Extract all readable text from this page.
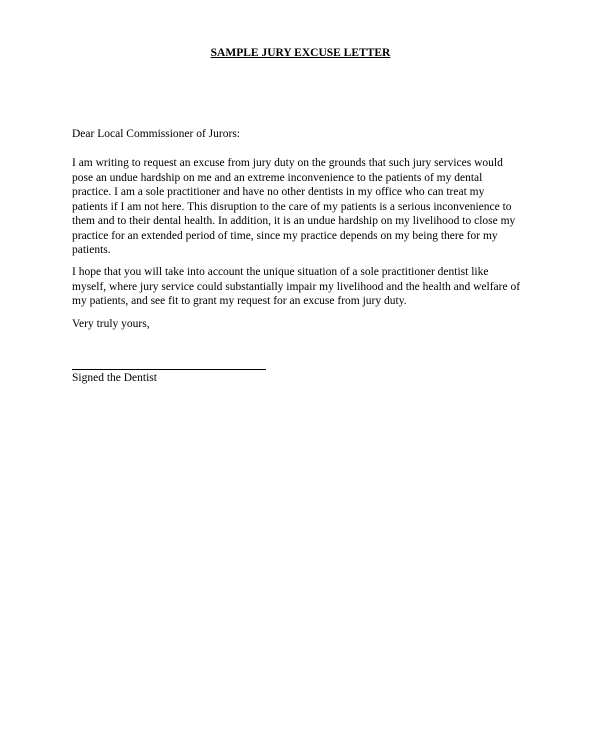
SAMPLE JURY EXCUSE LETTER

Dear Local Commissioner of Jurors:

I am writing to request an excuse from jury duty on the grounds that such jury services would
pose an undue hardship on me and an extreme inconvenience to the patients of my dental
practice. I am a sole practitioner and have no other dentists in my office who can treat my
patients if I am not here. This disruption to the care of my patients is a serious inconvenience to
them and to their dental health. In addition, it is an undue hardship on my livelihood to close my
practice for an extended period of time, since my practice depends on my being there for my
patients.

I hope that you will take into account the unique situation of a sole practitioner dentist like
myself, where jury service could substantially impair my livelihood and the health and welfare of
my patients, and see fit to grant my request for an excuse from jury duty.

Very truly yours,

Signed the Dentist
